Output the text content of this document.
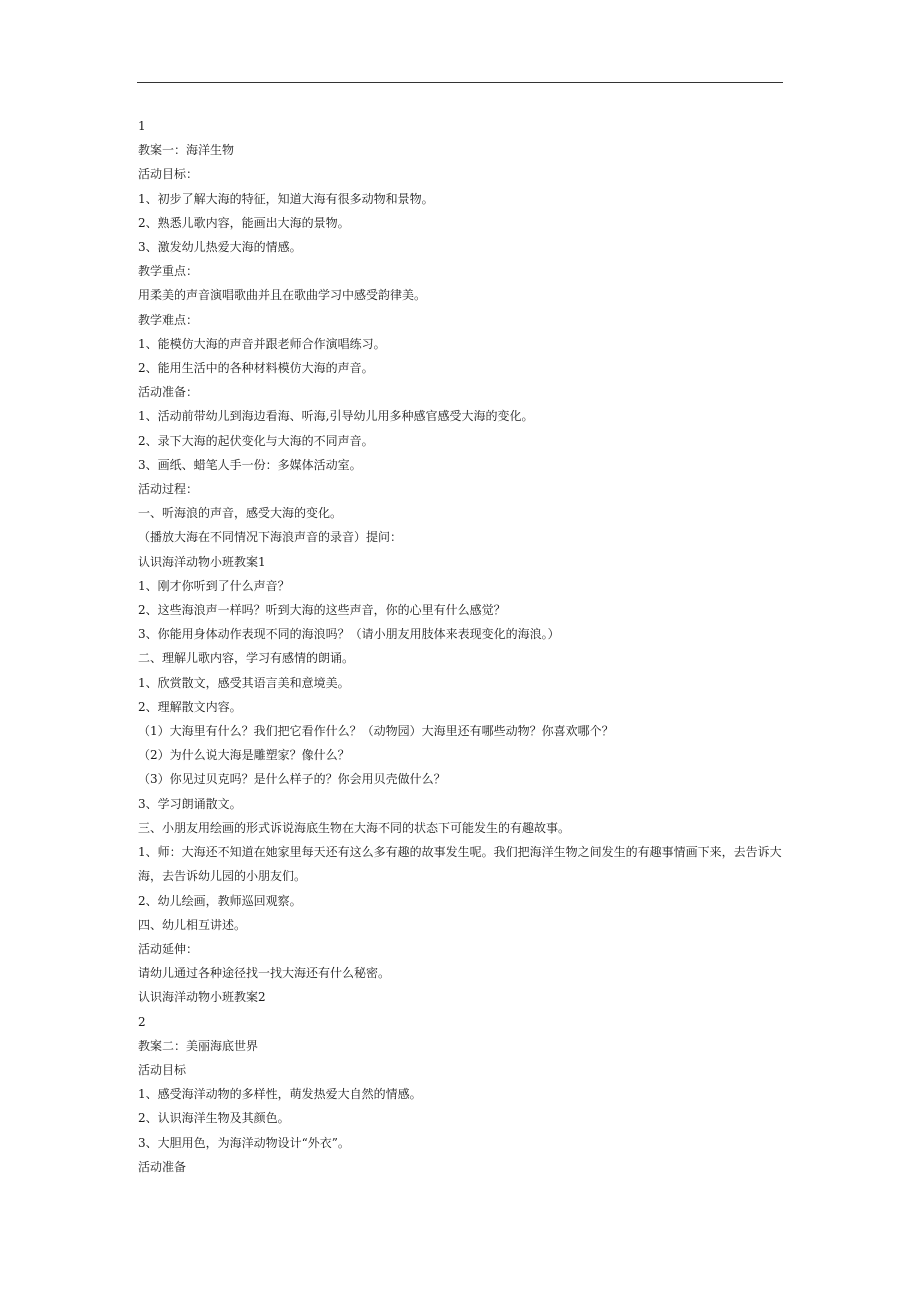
1

教案一：海洋生物

活动目标：

1、初步了解大海的特征，知道大海有很多动物和景物。

2、熟悉儿歌内容，能画出大海的景物。

3、激发幼儿热爱大海的情感。

教学重点：

用柔美的声音演唱歌曲并且在歌曲学习中感受韵律美。

教学难点：

1、能模仿大海的声音并跟老师合作演唱练习。

2、能用生活中的各种材料模仿大海的声音。

活动准备：

1、活动前带幼儿到海边看海、听海,引导幼儿用多种感官感受大海的变化。

2、录下大海的起伏变化与大海的不同声音。

3、画纸、蜡笔人手一份：多媒体活动室。

活动过程：

一、听海浪的声音，感受大海的变化。

（播放大海在不同情况下海浪声音的录音）提问：

认识海洋动物小班教案1

1、刚才你听到了什么声音？

2、这些海浪声一样吗？听到大海的这些声音，你的心里有什么感觉？

3、你能用身体动作表现不同的海浪吗？（请小朋友用肢体来表现变化的海浪。）

二、理解儿歌内容，学习有感情的朗诵。

1、欣赏散文，感受其语言美和意境美。

2、理解散文内容。

（1）大海里有什么？我们把它看作什么？（动物园）大海里还有哪些动物？你喜欢哪个？

（2）为什么说大海是雕塑家？像什么？

（3）你见过贝克吗？是什么样子的？你会用贝壳做什么？

3、学习朗诵散文。

三、小朋友用绘画的形式诉说海底生物在大海不同的状态下可能发生的有趣故事。

1、师：大海还不知道在她家里每天还有这么多有趣的故事发生呢。我们把海洋生物之间发生的有趣事情画下来，去告诉大海，去告诉幼儿园的小朋友们。

2、幼儿绘画，教师巡回观察。

四、幼儿相互讲述。

活动延伸：

请幼儿通过各种途径找一找大海还有什么秘密。

认识海洋动物小班教案2

2

教案二：美丽海底世界

活动目标

1、感受海洋动物的多样性，萌发热爱大自然的情感。

2、认识海洋生物及其颜色。

3、大胆用色，为海洋动物设计“外衣”。

活动准备
